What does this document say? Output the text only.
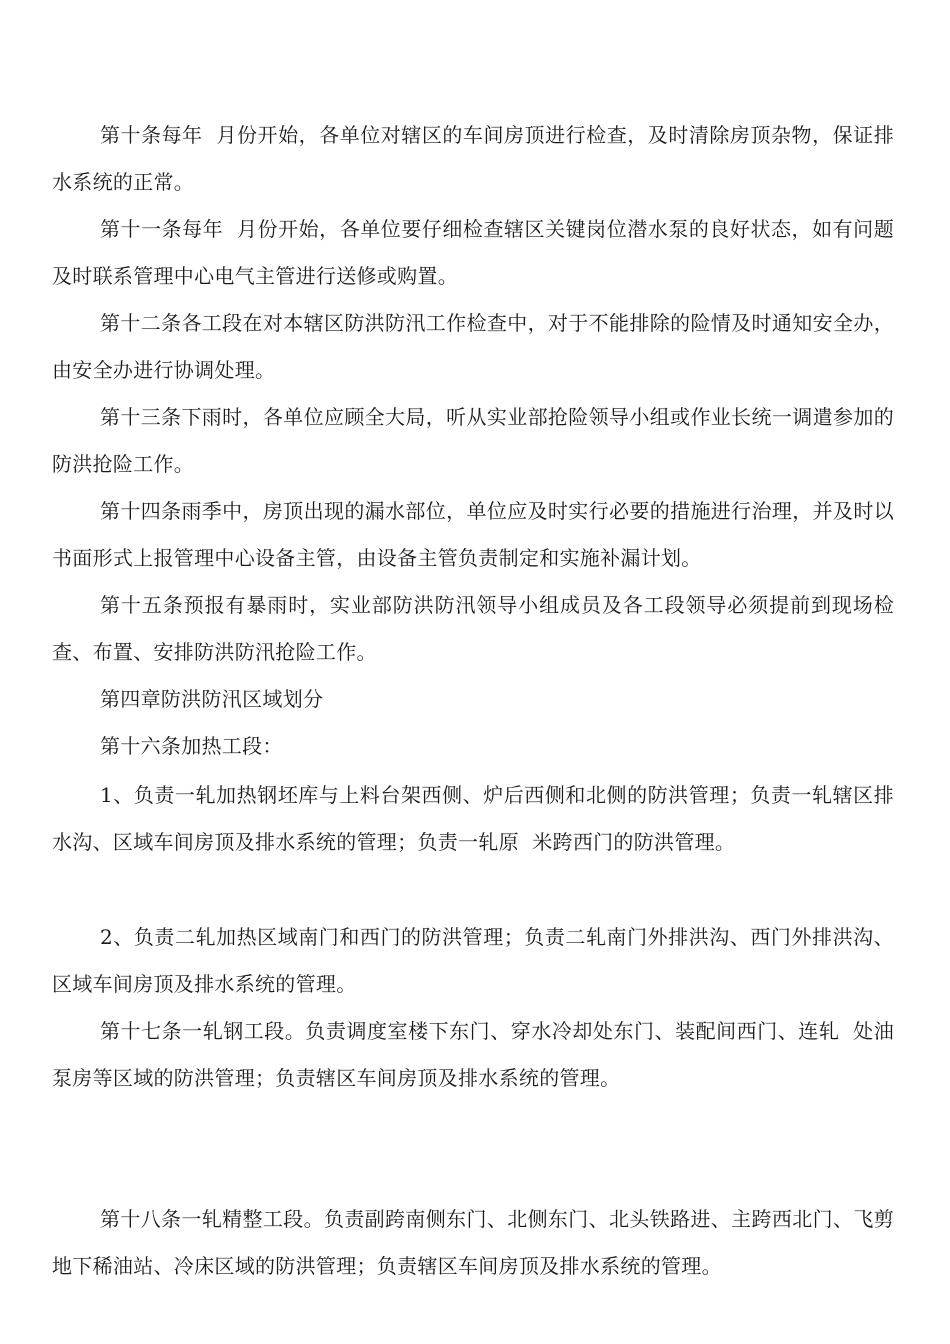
第十条每年  月份开始，各单位对辖区的车间房顶进行检查，及时清除房顶杂物，保证排水系统的正常。

第十一条每年  月份开始，各单位要仔细检查辖区关键岗位潜水泵的良好状态，如有问题及时联系管理中心电气主管进行送修或购置。

第十二条各工段在对本辖区防洪防汛工作检查中，对于不能排除的险情及时通知安全办，由安全办进行协调处理。

第十三条下雨时，各单位应顾全大局，听从实业部抢险领导小组或作业长统一调遣参加的防洪抢险工作。

第十四条雨季中，房顶出现的漏水部位，单位应及时实行必要的措施进行治理，并及时以书面形式上报管理中心设备主管，由设备主管负责制定和实施补漏计划。

第十五条预报有暴雨时，实业部防洪防汛领导小组成员及各工段领导必须提前到现场检查、布置、安排防洪防汛抢险工作。

第四章防洪防汛区域划分

第十六条加热工段：

1、负责一轧加热钢坯库与上料台架西侧、炉后西侧和北侧的防洪管理；负责一轧辖区排水沟、区域车间房顶及排水系统的管理；负责一轧原  米跨西门的防洪管理。

2、负责二轧加热区域南门和西门的防洪管理；负责二轧南门外排洪沟、西门外排洪沟、区域车间房顶及排水系统的管理。

第十七条一轧钢工段。负责调度室楼下东门、穿水冷却处东门、装配间西门、连轧  处油泵房等区域的防洪管理；负责辖区车间房顶及排水系统的管理。

第十八条一轧精整工段。负责副跨南侧东门、北侧东门、北头铁路进、主跨西北门、飞剪地下稀油站、冷床区域的防洪管理；负责辖区车间房顶及排水系统的管理。
